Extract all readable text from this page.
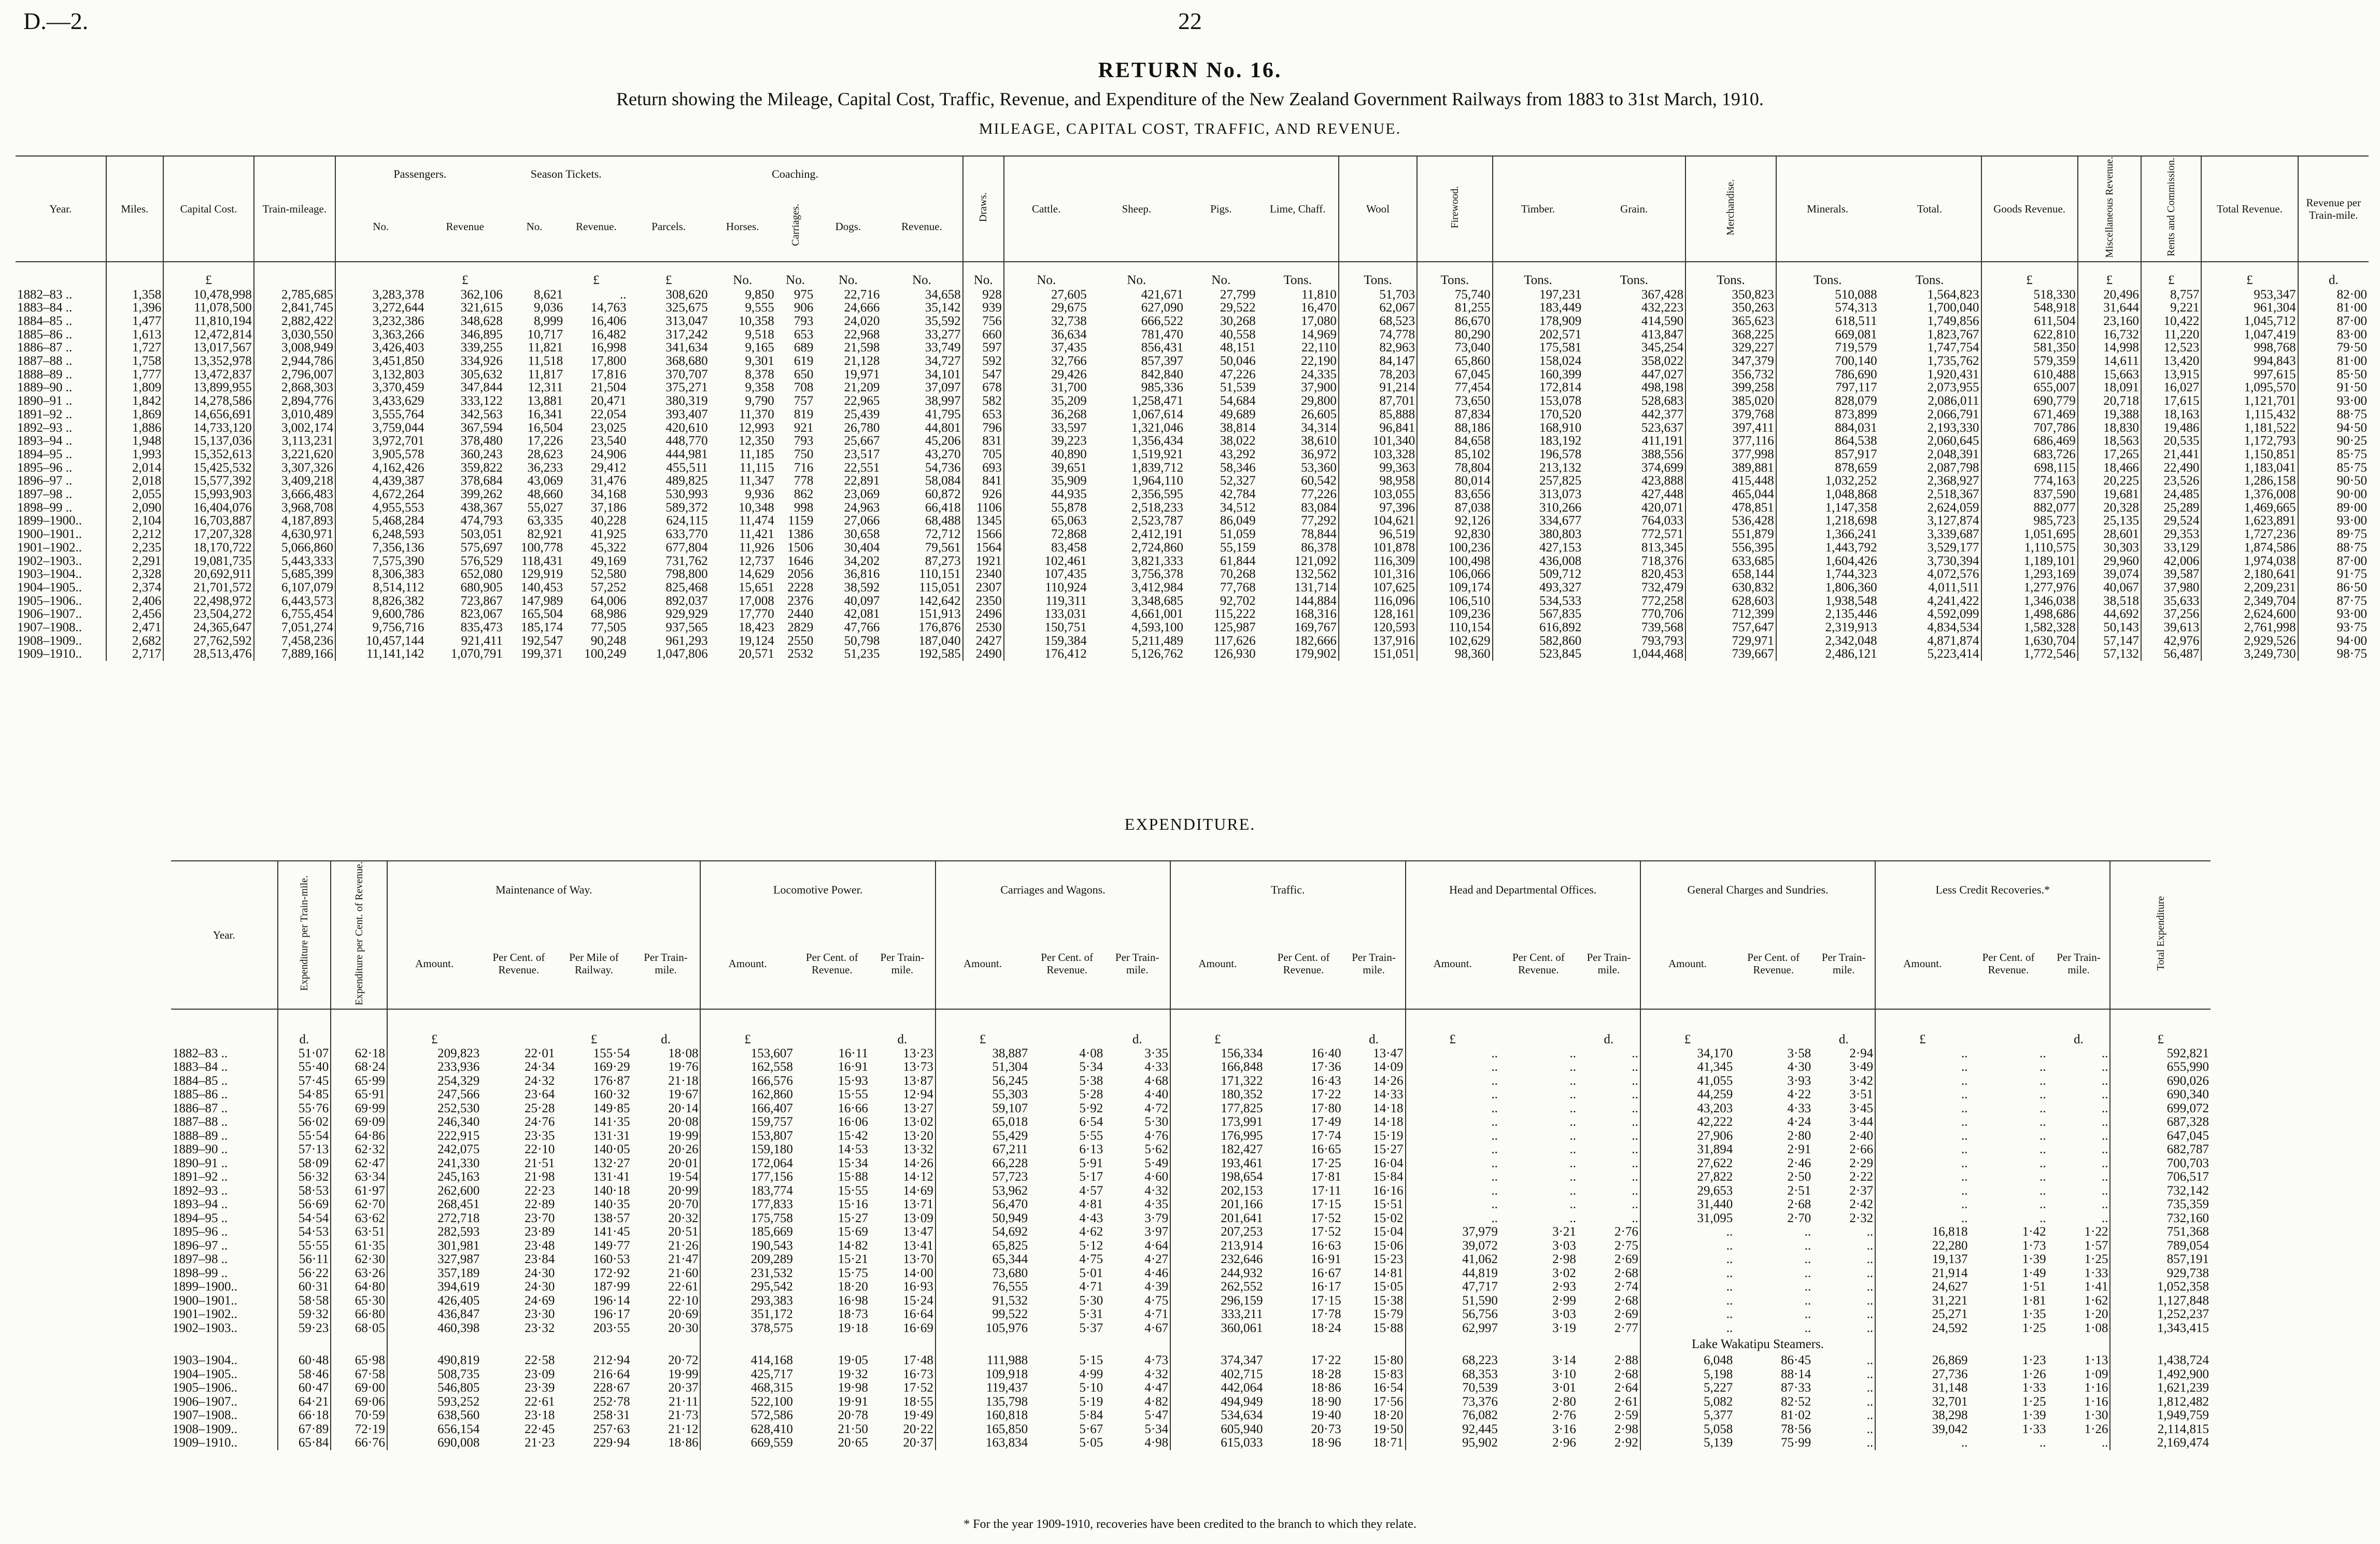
D.—2.	22
RETURN No. 16.
Return showing the Mileage, Capital Cost, Traffic, Revenue, and Expenditure of the New Zealand Government Railways from 1883 to 31st March, 1910.
MILEAGE, CAPITAL COST, TRAFFIC, AND REVENUE.
Year.	Miles.	Capital Cost.	Train-mileage.	Passengers.		Season Tickets.		Coaching.					Draws.	Cattle.	Sheep.	Pigs.	Lime, Chaff.	Wool	Firewood.	Timber.	Grain.	Merchandise.	Minerals.	Total.	Goods Revenue.	Miscellaneous Revenue.	Rents and Commission.	Total Revenue.	Revenue per Train-mile.
				No.	Revenue	No.	Revenue.	Parcels.	Horses.	Carriages.	Dogs.	Revenue.																	
		£			£		£	£	No.	No.	No.	No.	No.	No.	No.	No.	Tons.	Tons.	Tons.	Tons.	Tons.	Tons.	Tons.	Tons.	£	£	£	£	d.
1882–83 ..	1,358	10,478,998	2,785,685	3,283,378	362,106	8,621	..	308,620	9,850	975	22,716	34,658	928	27,605	421,671	27,799	11,810	51,703	75,740	197,231	367,428	350,823	510,088	1,564,823	518,330	20,496	8,757	953,347	82·00
1883–84 ..	1,396	11,078,500	2,841,745	3,272,644	321,615	9,036	14,763	325,675	9,555	906	24,666	35,142	939	29,675	627,090	29,522	16,470	62,067	81,255	183,449	432,223	350,263	574,313	1,700,040	548,918	31,644	9,221	961,304	81·00
1884–85 ..	1,477	11,810,194	2,882,422	3,232,386	348,628	8,999	16,406	313,047	10,358	793	24,020	35,592	756	32,738	666,522	30,268	17,080	68,523	86,670	178,909	414,590	365,623	618,511	1,749,856	611,504	23,160	10,422	1,045,712	87·00
1885–86 ..	1,613	12,472,814	3,030,550	3,363,266	346,895	10,717	16,482	317,242	9,518	653	22,968	33,277	660	36,634	781,470	40,558	14,969	74,778	80,290	202,571	413,847	368,225	669,081	1,823,767	622,810	16,732	11,220	1,047,419	83·00
1886–87 ..	1,727	13,017,567	3,008,949	3,426,403	339,255	11,821	16,998	341,634	9,165	689	21,598	33,749	597	37,435	856,431	48,151	22,110	82,963	73,040	175,581	345,254	329,227	719,579	1,747,754	581,350	14,998	12,523	998,768	79·50
1887–88 ..	1,758	13,352,978	2,944,786	3,451,850	334,926	11,518	17,800	368,680	9,301	619	21,128	34,727	592	32,766	857,397	50,046	22,190	84,147	65,860	158,024	358,022	347,379	700,140	1,735,762	579,359	14,611	13,420	994,843	81·00
1888–89 ..	1,777	13,472,837	2,796,007	3,132,803	305,632	11,817	17,816	370,707	8,378	650	19,971	34,101	547	29,426	842,840	47,226	24,335	78,203	67,045	160,399	447,027	356,732	786,690	1,920,431	610,488	15,663	13,915	997,615	85·50
1889–90 ..	1,809	13,899,955	2,868,303	3,370,459	347,844	12,311	21,504	375,271	9,358	708	21,209	37,097	678	31,700	985,336	51,539	37,900	91,214	77,454	172,814	498,198	399,258	797,117	2,073,955	655,007	18,091	16,027	1,095,570	91·50
1890–91 ..	1,842	14,278,586	2,894,776	3,433,629	333,122	13,881	20,471	380,319	9,790	757	22,965	38,997	582	35,209	1,258,471	54,684	29,800	87,701	73,650	153,078	528,683	385,020	828,079	2,086,011	690,779	20,718	17,615	1,121,701	93·00
1891–92 ..	1,869	14,656,691	3,010,489	3,555,764	342,563	16,341	22,054	393,407	11,370	819	25,439	41,795	653	36,268	1,067,614	49,689	26,605	85,888	87,834	170,520	442,377	379,768	873,899	2,066,791	671,469	19,388	18,163	1,115,432	88·75
1892–93 ..	1,886	14,733,120	3,002,174	3,759,044	367,594	16,504	23,025	420,610	12,993	921	26,780	44,801	796	33,597	1,321,046	38,814	34,314	96,841	88,186	168,910	523,637	397,411	884,031	2,193,330	707,786	18,830	19,486	1,181,522	94·50
1893–94 ..	1,948	15,137,036	3,113,231	3,972,701	378,480	17,226	23,540	448,770	12,350	793	25,667	45,206	831	39,223	1,356,434	38,022	38,610	101,340	84,658	183,192	411,191	377,116	864,538	2,060,645	686,469	18,563	20,535	1,172,793	90·25
1894–95 ..	1,993	15,352,613	3,221,620	3,905,578	360,243	28,623	24,906	444,981	11,185	750	23,517	43,270	705	40,890	1,519,921	43,292	36,972	103,328	85,102	196,578	388,556	377,998	857,917	2,048,391	683,726	17,265	21,441	1,150,851	85·75
1895–96 ..	2,014	15,425,532	3,307,326	4,162,426	359,822	36,233	29,412	455,511	11,115	716	22,551	54,736	693	39,651	1,839,712	58,346	53,360	99,363	78,804	213,132	374,699	389,881	878,659	2,087,798	698,115	18,466	22,490	1,183,041	85·75
1896–97 ..	2,018	15,577,392	3,409,218	4,439,387	378,684	43,069	31,476	489,825	11,347	778	22,891	58,084	841	35,909	1,964,110	52,327	60,542	98,958	80,014	257,825	423,888	415,448	1,032,252	2,368,927	774,163	20,225	23,526	1,286,158	90·50
1897–98 ..	2,055	15,993,903	3,666,483	4,672,264	399,262	48,660	34,168	530,993	9,936	862	23,069	60,872	926	44,935	2,356,595	42,784	77,226	103,055	83,656	313,073	427,448	465,044	1,048,868	2,518,367	837,590	19,681	24,485	1,376,008	90·00
1898–99 ..	2,090	16,404,076	3,968,708	4,955,553	438,367	55,027	37,186	589,372	10,348	998	24,963	66,418	1106	55,878	2,518,233	34,512	83,084	97,396	87,038	310,266	420,071	478,851	1,147,358	2,624,059	882,077	20,328	25,289	1,469,665	89·00
1899–1900..	2,104	16,703,887	4,187,893	5,468,284	474,793	63,335	40,228	624,115	11,474	1159	27,066	68,488	1345	65,063	2,523,787	86,049	77,292	104,621	92,126	334,677	764,033	536,428	1,218,698	3,127,874	985,723	25,135	29,524	1,623,891	93·00
1900–1901..	2,212	17,207,328	4,630,971	6,248,593	503,051	82,921	41,925	633,770	11,421	1386	30,658	72,712	1566	72,868	2,412,191	51,059	78,844	96,519	92,830	380,803	772,571	551,879	1,366,241	3,339,687	1,051,695	28,601	29,353	1,727,236	89·75
1901–1902..	2,235	18,170,722	5,066,860	7,356,136	575,697	100,778	45,322	677,804	11,926	1506	30,404	79,561	1564	83,458	2,724,860	55,159	86,378	101,878	100,236	427,153	813,345	556,395	1,443,792	3,529,177	1,110,575	30,303	33,129	1,874,586	88·75
1902–1903..	2,291	19,081,735	5,443,333	7,575,390	576,529	118,431	49,169	731,762	12,737	1646	34,202	87,273	1921	102,461	3,821,333	61,844	121,092	116,309	100,498	436,008	718,376	633,685	1,604,426	3,730,394	1,189,101	29,960	42,006	1,974,038	87·00
1903–1904..	2,328	20,692,911	5,685,399	8,306,383	652,080	129,919	52,580	798,800	14,629	2056	36,816	110,151	2340	107,435	3,756,378	70,268	132,562	101,316	106,066	509,712	820,453	658,144	1,744,323	4,072,576	1,293,169	39,074	39,587	2,180,641	91·75
1904–1905..	2,374	21,701,572	6,107,079	8,514,112	680,905	140,453	57,252	825,468	15,651	2228	38,592	115,051	2307	110,924	3,412,984	77,768	131,714	107,625	109,174	493,327	732,479	630,832	1,806,360	4,011,511	1,277,976	40,067	37,980	2,209,231	86·50
1905–1906..	2,406	22,498,972	6,443,573	8,826,382	723,867	147,989	64,006	892,037	17,008	2376	40,097	142,642	2350	119,311	3,348,685	92,702	144,884	116,096	106,510	534,533	772,258	628,603	1,938,548	4,241,422	1,346,038	38,518	35,633	2,349,704	87·75
1906–1907..	2,456	23,504,272	6,755,454	9,600,786	823,067	165,504	68,986	929,929	17,770	2440	42,081	151,913	2496	133,031	4,661,001	115,222	168,316	128,161	109,236	567,835	770,706	712,399	2,135,446	4,592,099	1,498,686	44,692	37,256	2,624,600	93·00
1907–1908..	2,471	24,365,647	7,051,274	9,756,716	835,473	185,174	77,505	937,565	18,423	2829	47,766	176,876	2530	150,751	4,593,100	125,987	169,767	120,593	110,154	616,892	739,568	757,647	2,319,913	4,834,534	1,582,328	50,143	39,613	2,761,998	93·75
1908–1909..	2,682	27,762,592	7,458,236	10,457,144	921,411	192,547	90,248	961,293	19,124	2550	50,798	187,040	2427	159,384	5,211,489	117,626	182,666	137,916	102,629	582,860	793,793	729,971	2,342,048	4,871,874	1,630,704	57,147	42,976	2,929,526	94·00
1909–1910..	2,717	28,513,476	7,889,166	11,141,142	1,070,791	199,371	100,249	1,047,806	20,571	2532	51,235	192,585	2490	176,412	5,126,762	126,930	179,902	151,051	98,360	523,845	1,044,468	739,667	2,486,121	5,223,414	1,772,546	57,132	56,487	3,249,730	98·75
EXPENDITURE.
Year.	Expenditure per Train-mile.	Expenditure per Cent. of Revenue.	Maintenance of Way.				Locomotive Power.			Carriages and Wagons.			Traffic.			Head and Departmental Offices.			General Charges and Sundries.			Less Credit Recoveries.*			Total Expenditure
			Amount.	Per Cent. of Revenue.	Per Mile of Railway.	Per Train-mile.	Amount.	Per Cent. of Revenue.	Per Train-mile.	Amount.	Per Cent. of Revenue.	Per Train-mile.	Amount.	Per Cent. of Revenue.	Per Train-mile.	Amount.	Per Cent. of Revenue.	Per Train-mile.	Amount.	Per Cent. of Revenue.	Per Train-mile.	Amount.	Per Cent. of Revenue.	Per Train-mile.	
	d.		£		£	d.	£		d.	£		d.	£		d.	£		d.	£		d.	£		d.	£
1882–83 ..	51·07	62·18	209,823	22·01	155·54	18·08	153,607	16·11	13·23	38,887	4·08	3·35	156,334	16·40	13·47	..	..	..	34,170	3·58	2·94	..	..	..	592,821
1883–84 ..	55·40	68·24	233,936	24·34	169·29	19·76	162,558	16·91	13·73	51,304	5·34	4·33	166,848	17·36	14·09	..	..	..	41,345	4·30	3·49	..	..	..	655,990
1884–85 ..	57·45	65·99	254,329	24·32	176·87	21·18	166,576	15·93	13·87	56,245	5·38	4·68	171,322	16·43	14·26	..	..	..	41,055	3·93	3·42	..	..	..	690,026
1885–86 ..	54·85	65·91	247,566	23·64	160·32	19·67	162,860	15·55	12·94	55,303	5·28	4·40	180,352	17·22	14·33	..	..	..	44,259	4·22	3·51	..	..	..	690,340
1886–87 ..	55·76	69·99	252,530	25·28	149·85	20·14	166,407	16·66	13·27	59,107	5·92	4·72	177,825	17·80	14·18	..	..	..	43,203	4·33	3·45	..	..	..	699,072
1887–88 ..	56·02	69·09	246,340	24·76	141·35	20·08	159,757	16·06	13·02	65,018	6·54	5·30	173,991	17·49	14·18	..	..	..	42,222	4·24	3·44	..	..	..	687,328
1888–89 ..	55·54	64·86	222,915	23·35	131·31	19·99	153,807	15·42	13·20	55,429	5·55	4·76	176,995	17·74	15·19	..	..	..	27,906	2·80	2·40	..	..	..	647,045
1889–90 ..	57·13	62·32	242,075	22·10	140·05	20·26	159,180	14·53	13·32	67,211	6·13	5·62	182,427	16·65	15·27	..	..	..	31,894	2·91	2·66	..	..	..	682,787
1890–91 ..	58·09	62·47	241,330	21·51	132·27	20·01	172,064	15·34	14·26	66,228	5·91	5·49	193,461	17·25	16·04	..	..	..	27,622	2·46	2·29	..	..	..	700,703
1891–92 ..	56·32	63·34	245,163	21·98	131·41	19·54	177,156	15·88	14·12	57,723	5·17	4·60	198,654	17·81	15·84	..	..	..	27,822	2·50	2·22	..	..	..	706,517
1892–93 ..	58·53	61·97	262,600	22·23	140·18	20·99	183,774	15·55	14·69	53,962	4·57	4·32	202,153	17·11	16·16	..	..	..	29,653	2·51	2·37	..	..	..	732,142
1893–94 ..	56·69	62·70	268,451	22·89	140·35	20·70	177,833	15·16	13·71	56,470	4·81	4·35	201,166	17·15	15·51	..	..	..	31,440	2·68	2·42	..	..	..	735,359
1894–95 ..	54·54	63·62	272,718	23·70	138·57	20·32	175,758	15·27	13·09	50,949	4·43	3·79	201,641	17·52	15·02	..	..	..	31,095	2·70	2·32	..	..	..	732,160
1895–96 ..	54·53	63·51	282,593	23·89	141·45	20·51	185,669	15·69	13·47	54,692	4·62	3·97	207,253	17·52	15·04	37,979	3·21	2·76	..	..	..	16,818	1·42	1·22	751,368
1896–97 ..	55·55	61·35	301,981	23·48	149·77	21·26	190,543	14·82	13·41	65,825	5·12	4·64	213,914	16·63	15·06	39,072	3·03	2·75	..	..	..	22,280	1·73	1·57	789,054
1897–98 ..	56·11	62·30	327,987	23·84	160·53	21·47	209,289	15·21	13·70	65,344	4·75	4·27	232,646	16·91	15·23	41,062	2·98	2·69	..	..	..	19,137	1·39	1·25	857,191
1898–99 ..	56·22	63·26	357,189	24·30	172·92	21·60	231,532	15·75	14·00	73,680	5·01	4·46	244,932	16·67	14·81	44,819	3·02	2·68	..	..	..	21,914	1·49	1·33	929,738
1899–1900..	60·31	64·80	394,619	24·30	187·99	22·61	295,542	18·20	16·93	76,555	4·71	4·39	262,552	16·17	15·05	47,717	2·93	2·74	..	..	..	24,627	1·51	1·41	1,052,358
1900–1901..	58·58	65·30	426,405	24·69	196·14	22·10	293,383	16·98	15·24	91,532	5·30	4·75	296,159	17·15	15·38	51,590	2·99	2·68	..	..	..	31,221	1·81	1·62	1,127,848
1901–1902..	59·32	66·80	436,847	23·30	196·17	20·69	351,172	18·73	16·64	99,522	5·31	4·71	333,211	17·78	15·79	56,756	3·03	2·69	..	..	..	25,271	1·35	1·20	1,252,237
1902–1903..	59·23	68·05	460,398	23·32	203·55	20·30	378,575	19·18	16·69	105,976	5·37	4·67	360,061	18·24	15·88	62,997	3·19	2·77	..	..	..	24,592	1·25	1·08	1,343,415
																			Lake Wakatipu Steamers.						
1903–1904..	60·48	65·98	490,819	22·58	212·94	20·72	414,168	19·05	17·48	111,988	5·15	4·73	374,347	17·22	15·80	68,223	3·14	2·88	6,048	86·45	..	26,869	1·23	1·13	1,438,724
1904–1905..	58·46	67·58	508,735	23·09	216·64	19·99	425,717	19·32	16·73	109,918	4·99	4·32	402,715	18·28	15·83	68,353	3·10	2·68	5,198	88·14	..	27,736	1·26	1·09	1,492,900
1905–1906..	60·47	69·00	546,805	23·39	228·67	20·37	468,315	19·98	17·52	119,437	5·10	4·47	442,064	18·86	16·54	70,539	3·01	2·64	5,227	87·33	..	31,148	1·33	1·16	1,621,239
1906–1907..	64·21	69·06	593,252	22·61	252·78	21·11	522,100	19·91	18·55	135,798	5·19	4·82	494,949	18·90	17·56	73,376	2·80	2·61	5,082	82·52	..	32,701	1·25	1·16	1,812,482
1907–1908..	66·18	70·59	638,560	23·18	258·31	21·73	572,586	20·78	19·49	160,818	5·84	5·47	534,634	19·40	18·20	76,082	2·76	2·59	5,377	81·02	..	38,298	1·39	1·30	1,949,759
1908–1909..	67·89	72·19	656,154	22·45	257·63	21·12	628,410	21·50	20·22	165,850	5·67	5·34	605,940	20·73	19·50	92,445	3·16	2·98	5,058	78·56	..	39,042	1·33	1·26	2,114,815
1909–1910..	65·84	66·76	690,008	21·23	229·94	18·86	669,559	20·65	20·37	163,834	5·05	4·98	615,033	18·96	18·71	95,902	2·96	2·92	5,139	75·99	..	..	..	..	2,169,474
* For the year 1909-1910, recoveries have been credited to the branch to which they relate.
